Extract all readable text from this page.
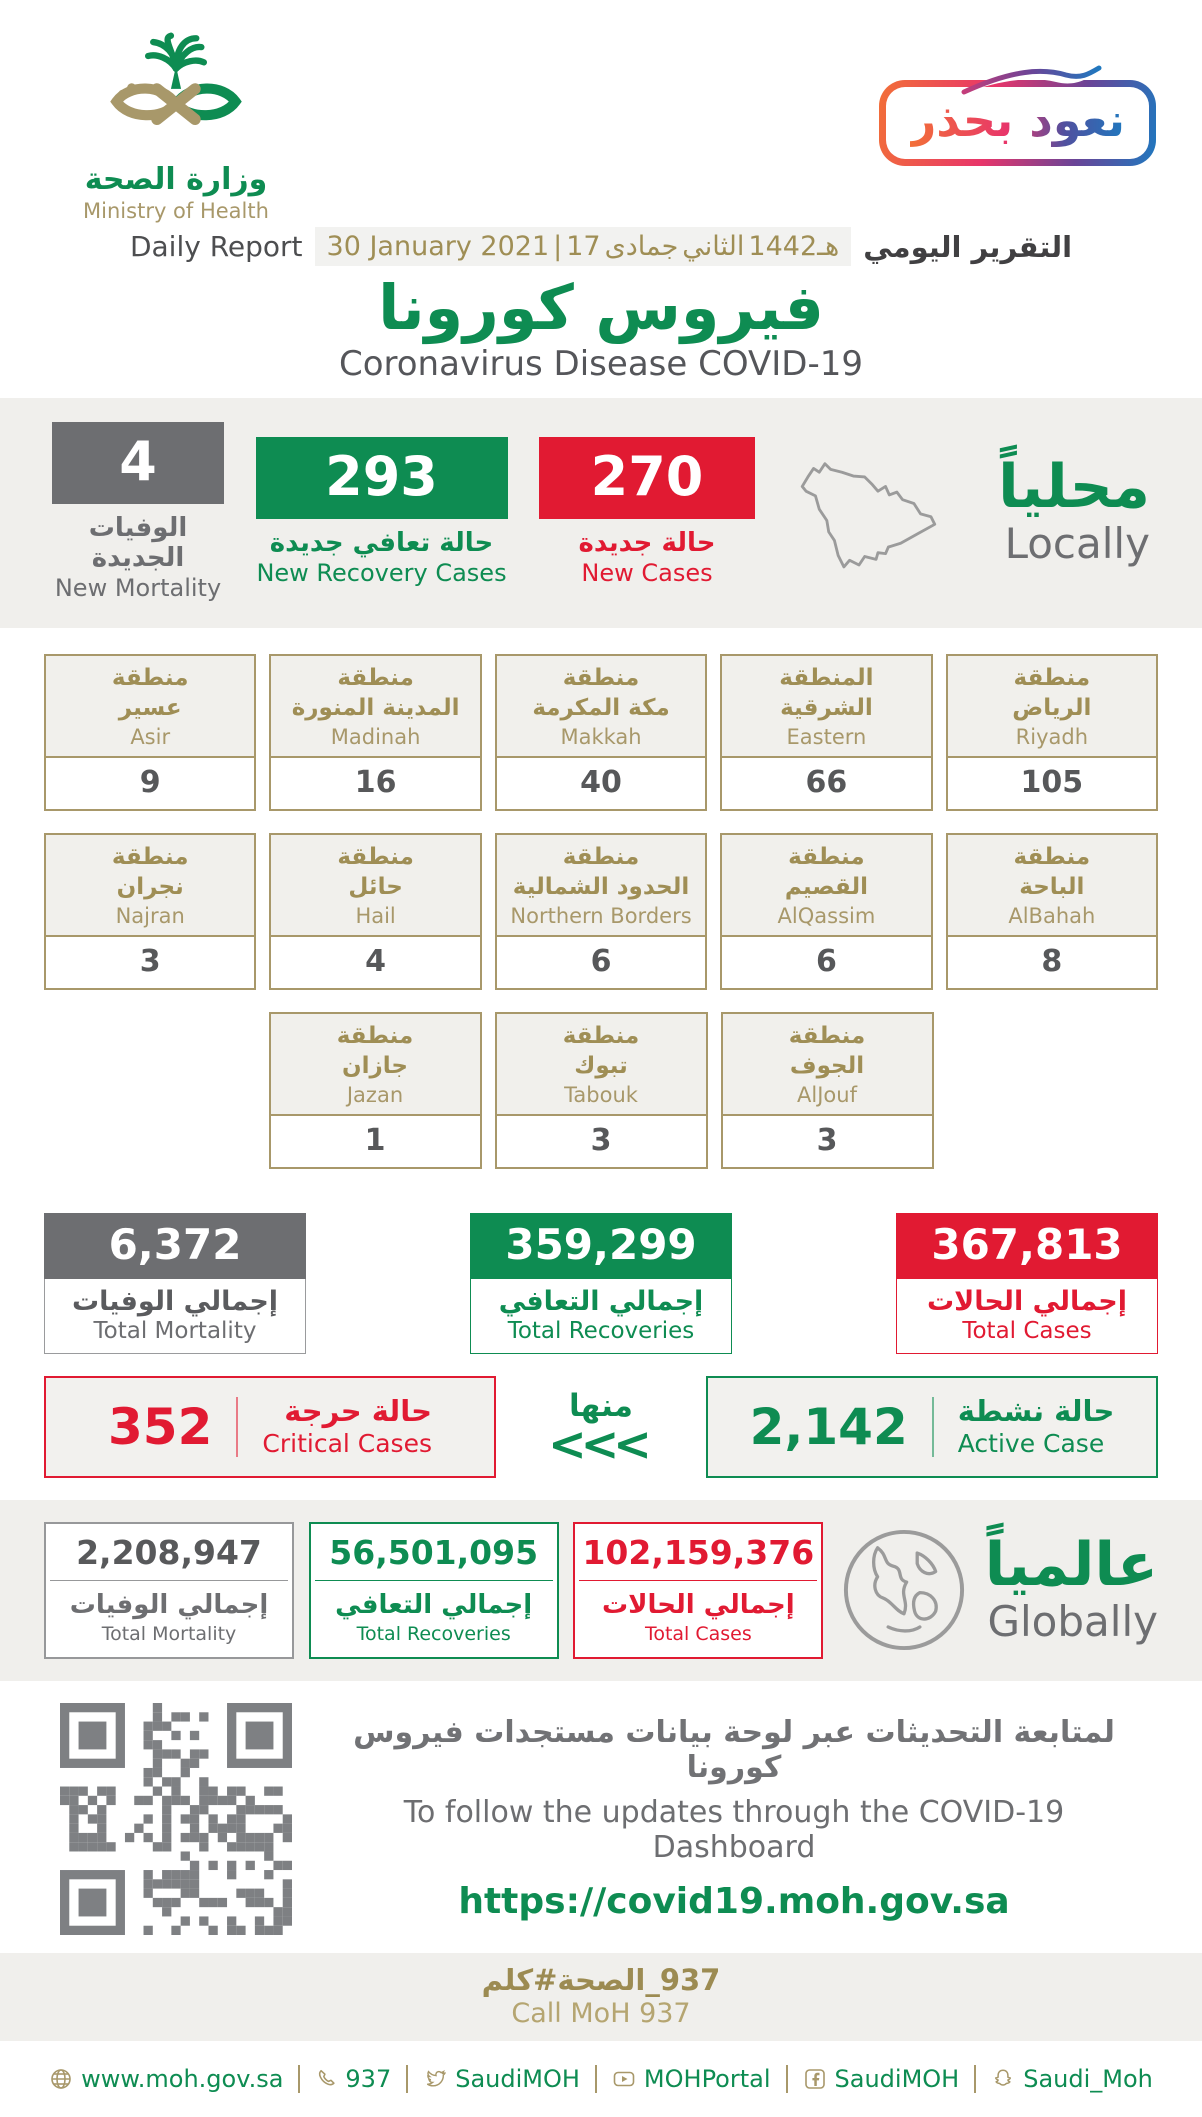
وزارة الصحة
Ministry of Health
نعود بحذر
Daily Report 30 January 2021 | 17 جمادى الثاني 1442هـ التقرير اليومي
فيروس كورونا
Coronavirus Disease COVID-19
4
الوفيات الجديدة
New Mortality
293
حالة تعافي جديدة
New Recovery Cases
270
حالة جديدة
New Cases
محلياً
Locally
منطقة
عسير
Asir
9
منطقة
المدينة المنورة
Madinah
16
منطقة
مكة المكرمة
Makkah
40
المنطقة
الشرقية
Eastern
66
منطقة
الرياض
Riyadh
105
منطقة
نجران
Najran
3
منطقة
حائل
Hail
4
منطقة
الحدود الشمالية
Northern Borders
6
منطقة
القصيم
AlQassim
6
منطقة
الباحة
AlBahah
8
منطقة
جازان
Jazan
1
منطقة
تبوك
Tabouk
3
منطقة
الجوف
AlJouf
3
6,372
إجمالي الوفيات
Total Mortality
359,299
إجمالي التعافي
Total Recoveries
367,813
إجمالي الحالات
Total Cases
352	حالة حرجة
Critical Cases
منها
<<< 2,142 حالة نشطة
Active Case
2,208,947
إجمالي الوفيات
Total Mortality
56,501,095
إجمالي التعافي
Total Recoveries
102,159,376
إجمالي الحالات
Total Cases
عالمياً
Globally
لمتابعة التحديثات عبر لوحة بيانات مستجدات فيروس كورونا
To follow the updates through the COVID-19 Dashboard
https://covid19.moh.gov.sa
كلم # الصحة _ 937
Call MoH 937
www.moh.gov.sa	937	SaudiMOH	MOHPortal	SaudiMOH	Saudi_Moh
